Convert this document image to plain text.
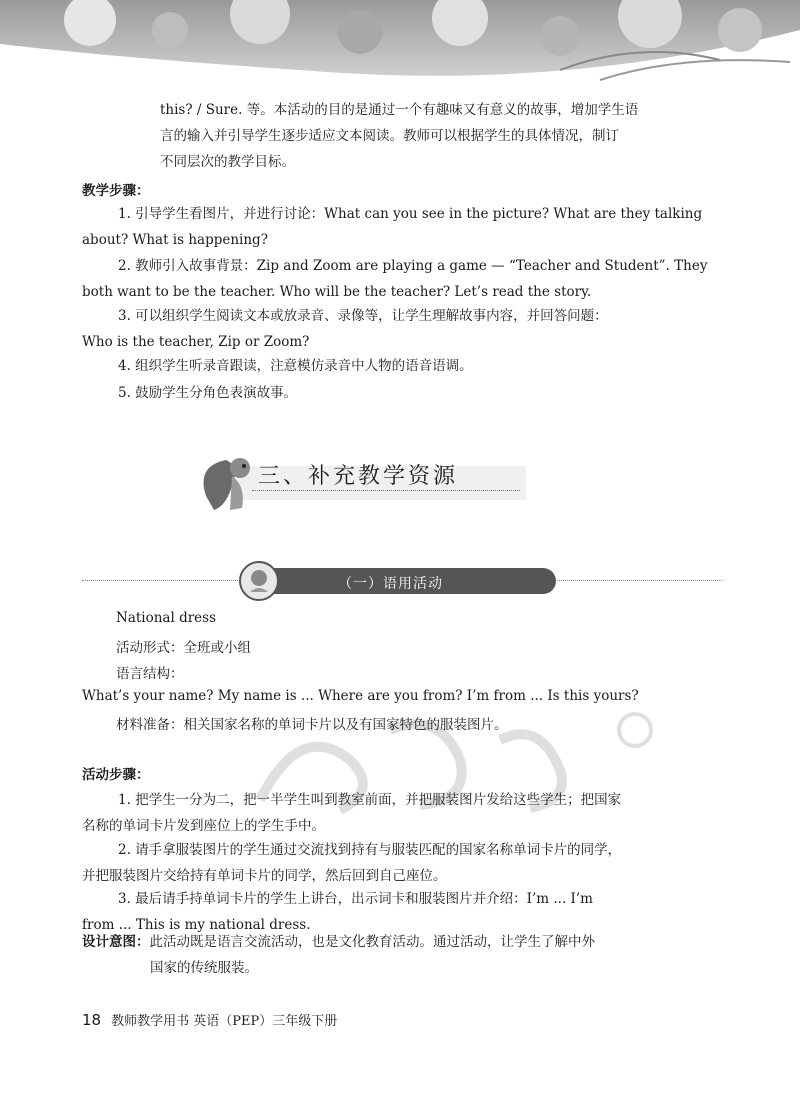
this? / Sure. 等。本活动的目的是通过一个有趣味又有意义的故事，增加学生语

言的输入并引导学生逐步适应文本阅读。教师可以根据学生的具体情况，制订

不同层次的教学目标。

教学步骤：

1. 引导学生看图片，并进行讨论：What can you see in the picture? What are they talking
about? What is happening?
2. 教师引入故事背景：Zip and Zoom are playing a game — “Teacher and Student”. They
both want to be the teacher. Who will be the teacher? Let’s read the story.
3. 可以组织学生阅读文本或放录音、录像等，让学生理解故事内容，并回答问题：
Who is the teacher, Zip or Zoom?
4. 组织学生听录音跟读，注意模仿录音中人物的语音语调。
5. 鼓励学生分角色表演故事。

三、补充教学资源

（一）语用活动

National dress

活动形式：全班或小组

语言结构：

What’s your name? My name is ... Where are you from? I’m from ... Is this yours?

材料准备：相关国家名称的单词卡片以及有国家特色的服装图片。

活动步骤：

1. 把学生一分为二，把一半学生叫到教室前面，并把服装图片发给这些学生；把国家
名称的单词卡片发到座位上的学生手中。
2. 请手拿服装图片的学生通过交流找到持有与服装匹配的国家名称单词卡片的同学，
并把服装图片交给持有单词卡片的同学，然后回到自己座位。
3. 最后请手持单词卡片的学生上讲台，出示词卡和服装图片并介绍：I’m ... I’m
from ... This is my national dress.
设计意图：此活动既是语言交流活动，也是文化教育活动。通过活动，让学生了解中外
国家的传统服装。

18 教师教学用书 英语（PEP）三年级下册
